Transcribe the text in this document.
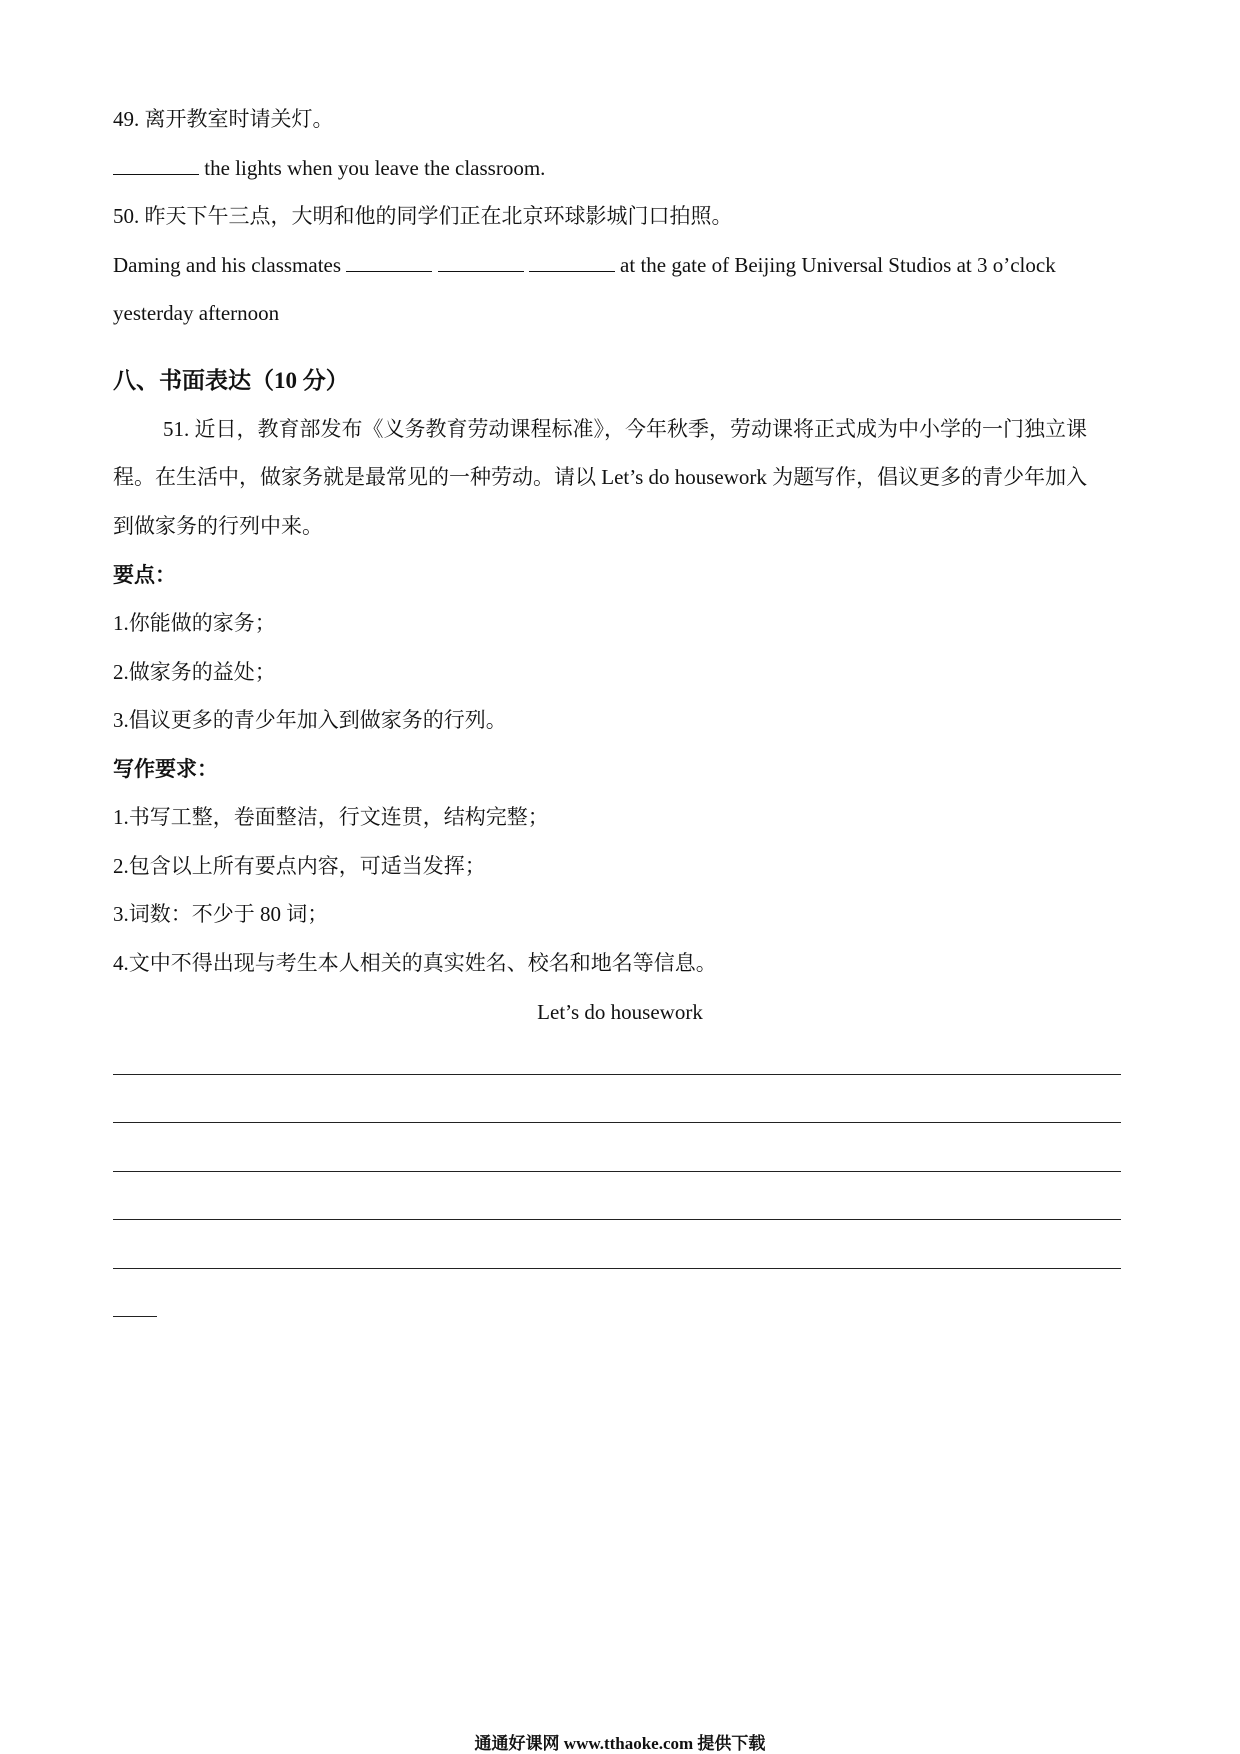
49. 离开教室时请关灯。
the lights when you leave the classroom.
50. 昨天下午三点，大明和他的同学们正在北京环球影城门口拍照。
Daming and his classmates	at the gate of Beijing Universal Studios at 3 o’clock
yesterday afternoon
八、书面表达（10 分）
51. 近日，教育部发布《义务教育劳动课程标准》，今年秋季，劳动课将正式成为中小学的一门独立课
程。在生活中，做家务就是最常见的一种劳动。请以 Let’s do housework 为题写作，倡议更多的青少年加入
到做家务的行列中来。
要点：
1.你能做的家务；
2.做家务的益处；
3.倡议更多的青少年加入到做家务的行列。
写作要求：
1.书写工整，卷面整洁，行文连贯，结构完整；
2.包含以上所有要点内容，可适当发挥；
3.词数：不少于 80 词；
4.文中不得出现与考生本人相关的真实姓名、校名和地名等信息。
Let’s do housework
通通好课网 www.tthaoke.com 提供下载
